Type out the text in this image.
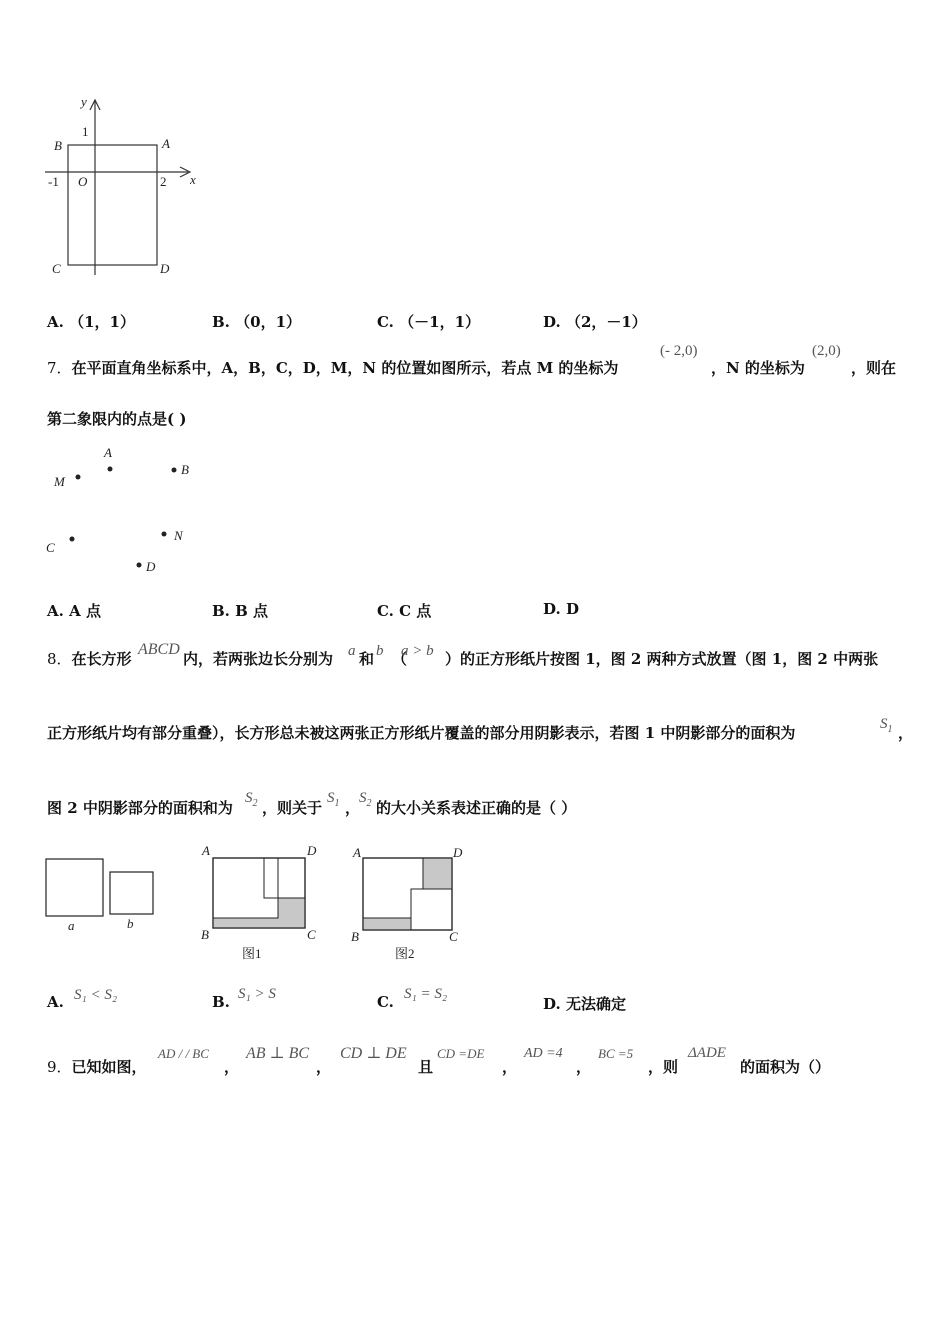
y
x
1
-1 O	2
B	A
C	D
A. （1，1）	B. （0，1）	C. （－1，1）	D. （2，－1）
7．在平面直角坐标系中，A，B，C，D，M，N 的位置如图所示，若点 M 的坐标为
(- 2,0)
，N 的坐标为
(2,0)
，则在
第二象限内的点是( )
A
B
M
C
N
D
A. A 点	B. B 点	C. C 点	D. D
8．在长方形
ABCD
内，若两张边长分别为 a 和 b （
a > b ）的正方形纸片按图 1，图 2 两种方式放置（图 1，图 2 中两张
正方形纸片均有部分重叠），长方形总未被这两张正方形纸片覆盖的部分用阴影表示，若图 1 中阴影部分的面积为	$S_1$ ，
图 2 中阴影部分的面积和为
$S_2$ ，则关于
$S_1$ ，
$S_2$ 的大小关系表述正确的是（ ）
a	b
A	D
B	C
图1
A	D
B	C
图2
A. S₁ < S₂	B. S₁ > S	C. S₁ = S₂
D. 无法确定
9．已知如图，
AD / / BC
，
AB ⊥ BC
，
CD ⊥ DE
且
CD =DE
，
AD =4
，
BC =5
，则
ΔADE
的面积为（）
